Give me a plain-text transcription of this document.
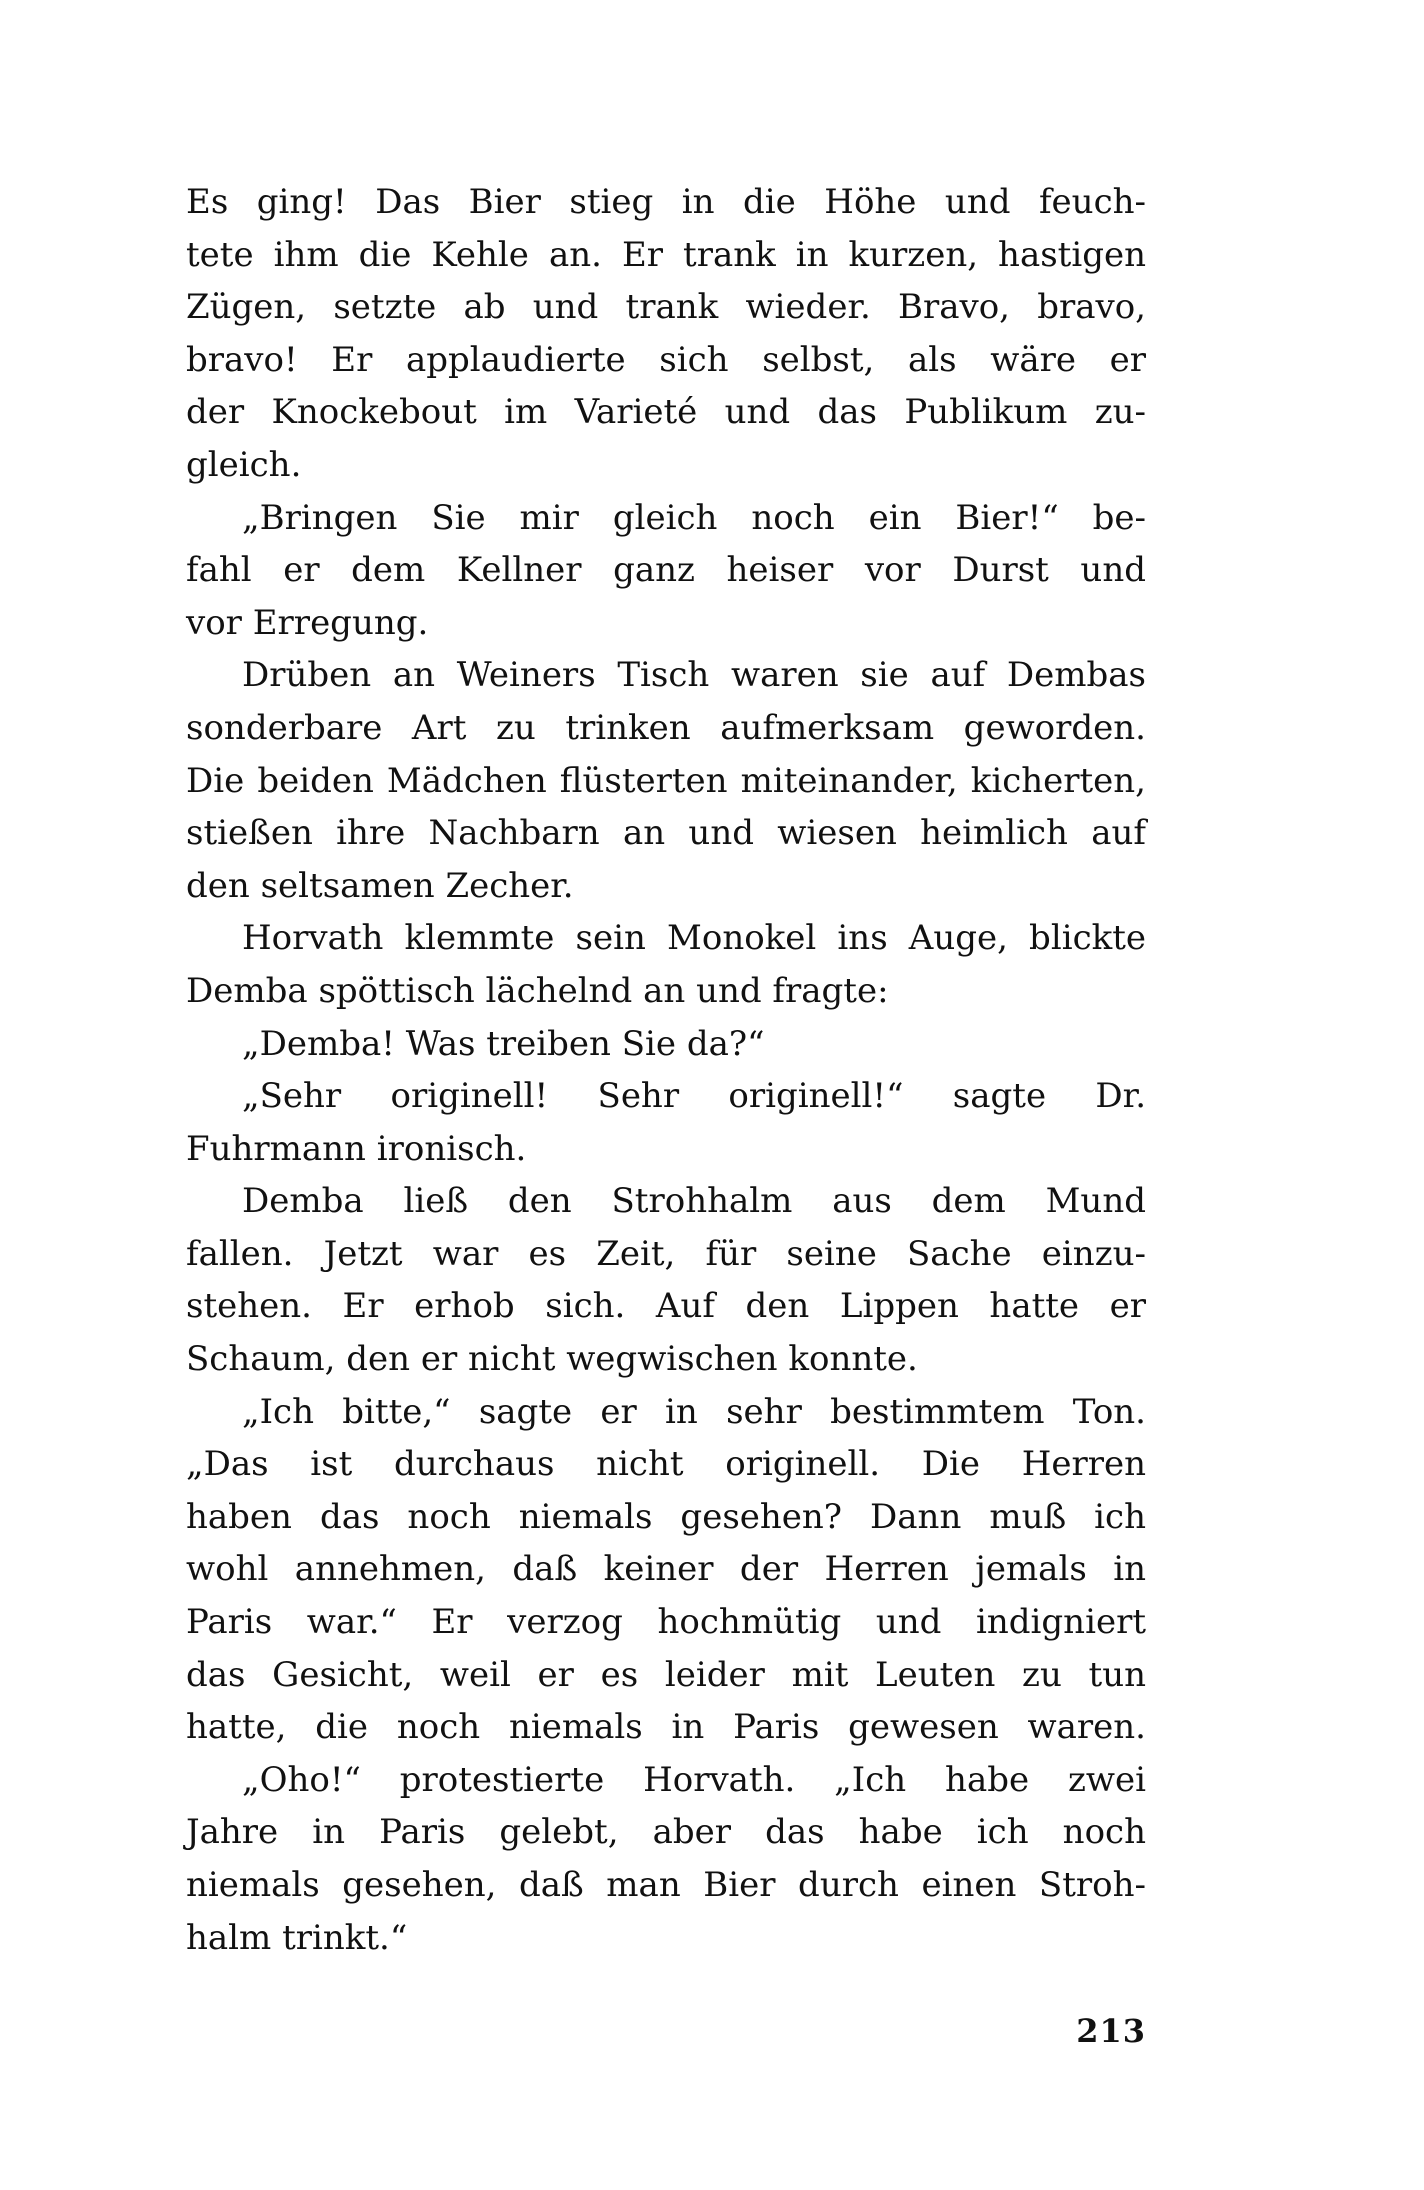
Es ging! Das Bier stieg in die Höhe und feuch-
tete ihm die Kehle an. Er trank in kurzen, hastigen
Zügen, setzte ab und trank wieder. Bravo, bravo,
bravo! Er applaudierte sich selbst, als wäre er
der Knockebout im Varieté und das Publikum zu-
gleich.
„Bringen Sie mir gleich noch ein Bier!“ be-
fahl er dem Kellner ganz heiser vor Durst und
vor Erregung.
Drüben an Weiners Tisch waren sie auf Dembas
sonderbare Art zu trinken aufmerksam geworden.
Die beiden Mädchen flüsterten miteinander, kicherten,
stießen ihre Nachbarn an und wiesen heimlich auf
den seltsamen Zecher.
Horvath klemmte sein Monokel ins Auge, blickte
Demba spöttisch lächelnd an und fragte:
„Demba! Was treiben Sie da?“
„Sehr originell! Sehr originell!“ sagte Dr.
Fuhrmann ironisch.
Demba ließ den Strohhalm aus dem Mund
fallen. Jetzt war es Zeit, für seine Sache einzu-
stehen. Er erhob sich. Auf den Lippen hatte er
Schaum, den er nicht wegwischen konnte.
„Ich bitte,“ sagte er in sehr bestimmtem Ton.
„Das ist durchaus nicht originell. Die Herren
haben das noch niemals gesehen? Dann muß ich
wohl annehmen, daß keiner der Herren jemals in
Paris war.“ Er verzog hochmütig und indigniert
das Gesicht, weil er es leider mit Leuten zu tun
hatte, die noch niemals in Paris gewesen waren.
„Oho!“ protestierte Horvath. „Ich habe zwei
Jahre in Paris gelebt, aber das habe ich noch
niemals gesehen, daß man Bier durch einen Stroh-
halm trinkt.“
213
